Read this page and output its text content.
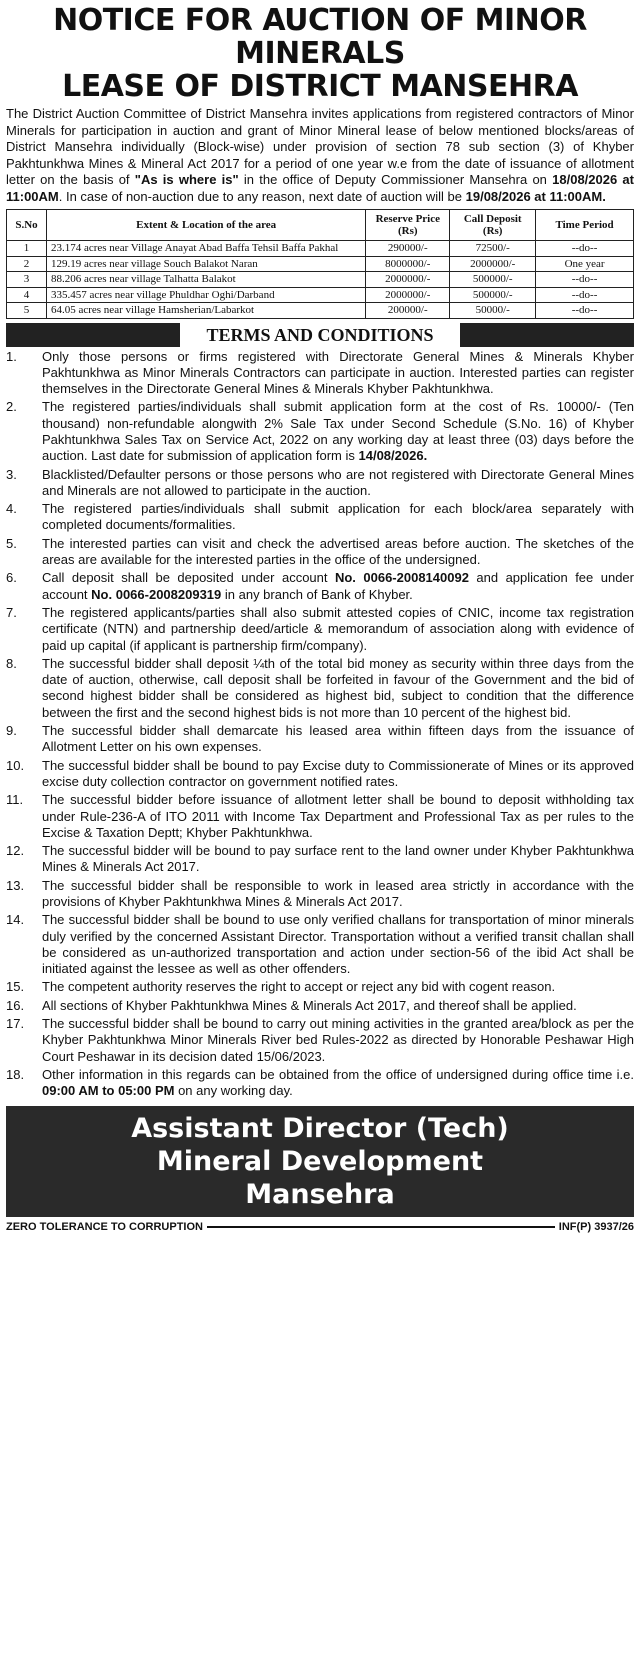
NOTICE FOR AUCTION OF MINOR MINERALS
LEASE OF DISTRICT MANSEHRA

The District Auction Committee of District Mansehra invites applications from registered contractors of Minor Minerals for participation in auction and grant of Minor Mineral lease of below mentioned blocks/areas of District Mansehra individually (Block-wise) under provision of section 78 sub section (3) of Khyber Pakhtunkhwa Mines & Mineral Act 2017 for a period of one year w.e from the date of issuance of allotment letter on the basis of "As is where is" in the office of Deputy Commissioner Mansehra on 18/08/2026 at 11:00AM. In case of non-auction due to any reason, next date of auction will be 19/08/2026 at 11:00AM.

S.No	Extent & Location of the area	Reserve Price (Rs)	Call Deposit (Rs)	Time Period
1	23.174 acres near Village Anayat Abad Baffa Tehsil Baffa Pakhal	290000/-	72500/-	--do--
2	129.19 acres near village Souch Balakot Naran	8000000/-	2000000/-	One year
3	88.206 acres near village Talhatta Balakot	2000000/-	500000/-	--do--
4	335.457 acres near village Phuldhar Oghi/Darband	2000000/-	500000/-	--do--
5	64.05 acres near village Hamsherian/Labarkot	200000/-	50000/-	--do--
TERMS AND CONDITIONS
1.	Only those persons or firms registered with Directorate General Mines & Minerals Khyber Pakhtunkhwa as Minor Minerals Contractors can participate in auction. Interested parties can register themselves in the Directorate General Mines & Minerals Khyber Pakhtunkhwa.
2.	The registered parties/individuals shall submit application form at the cost of Rs. 10000/- (Ten thousand) non-refundable alongwith 2% Sale Tax under Second Schedule (S.No. 16) of Khyber Pakhtunkhwa Sales Tax on Service Act, 2022 on any working day at least three (03) days before the auction. Last date for submission of application form is 14/08/2026.
3.	Blacklisted/Defaulter persons or those persons who are not registered with Directorate General Mines and Minerals are not allowed to participate in the auction.
4.	The registered parties/individuals shall submit application for each block/area separately with completed documents/formalities.
5.	The interested parties can visit and check the advertised areas before auction. The sketches of the areas are available for the interested parties in the office of the undersigned.
6.	Call deposit shall be deposited under account No. 0066-2008140092 and application fee under account No. 0066-2008209319 in any branch of Bank of Khyber.
7.	The registered applicants/parties shall also submit attested copies of CNIC, income tax registration certificate (NTN) and partnership deed/article & memorandum of association along with evidence of paid up capital (if applicant is partnership firm/company).
8.	The successful bidder shall deposit ¼th of the total bid money as security within three days from the date of auction, otherwise, call deposit shall be forfeited in favour of the Government and the bid of second highest bidder shall be considered as highest bid, subject to condition that the difference between the first and the second highest bids is not more than 10 percent of the highest bid.
9.	The successful bidder shall demarcate his leased area within fifteen days from the issuance of Allotment Letter on his own expenses.
10.	The successful bidder shall be bound to pay Excise duty to Commissionerate of Mines or its approved excise duty collection contractor on government notified rates.
11.	The successful bidder before issuance of allotment letter shall be bound to deposit withholding tax under Rule-236-A of ITO 2011 with Income Tax Department and Professional Tax as per rules to the Excise & Taxation Deptt; Khyber Pakhtunkhwa.
12.	The successful bidder will be bound to pay surface rent to the land owner under Khyber Pakhtunkhwa Mines & Minerals Act 2017.
13.	The successful bidder shall be responsible to work in leased area strictly in accordance with the provisions of Khyber Pakhtunkhwa Mines & Minerals Act 2017.
14.	The successful bidder shall be bound to use only verified challans for transportation of minor minerals duly verified by the concerned Assistant Director. Transportation without a verified transit challan shall be considered as un-authorized transportation and action under section-56 of the ibid Act shall be initiated against the lessee as well as other offenders.
15.	The competent authority reserves the right to accept or reject any bid with cogent reason.
16.	All sections of Khyber Pakhtunkhwa Mines & Minerals Act 2017, and thereof shall be applied.
17.	The successful bidder shall be bound to carry out mining activities in the granted area/block as per the Khyber Pakhtunkhwa Minor Minerals River bed Rules-2022 as directed by Honorable Peshawar High Court Peshawar in its decision dated 15/06/2023.
18.	Other information in this regards can be obtained from the office of undersigned during office time i.e. 09:00 AM to 05:00 PM on any working day.
Assistant Director (Tech)
Mineral Development
Mansehra
ZERO TOLERANCE TO CORRUPTION	INF(P) 3937/26
